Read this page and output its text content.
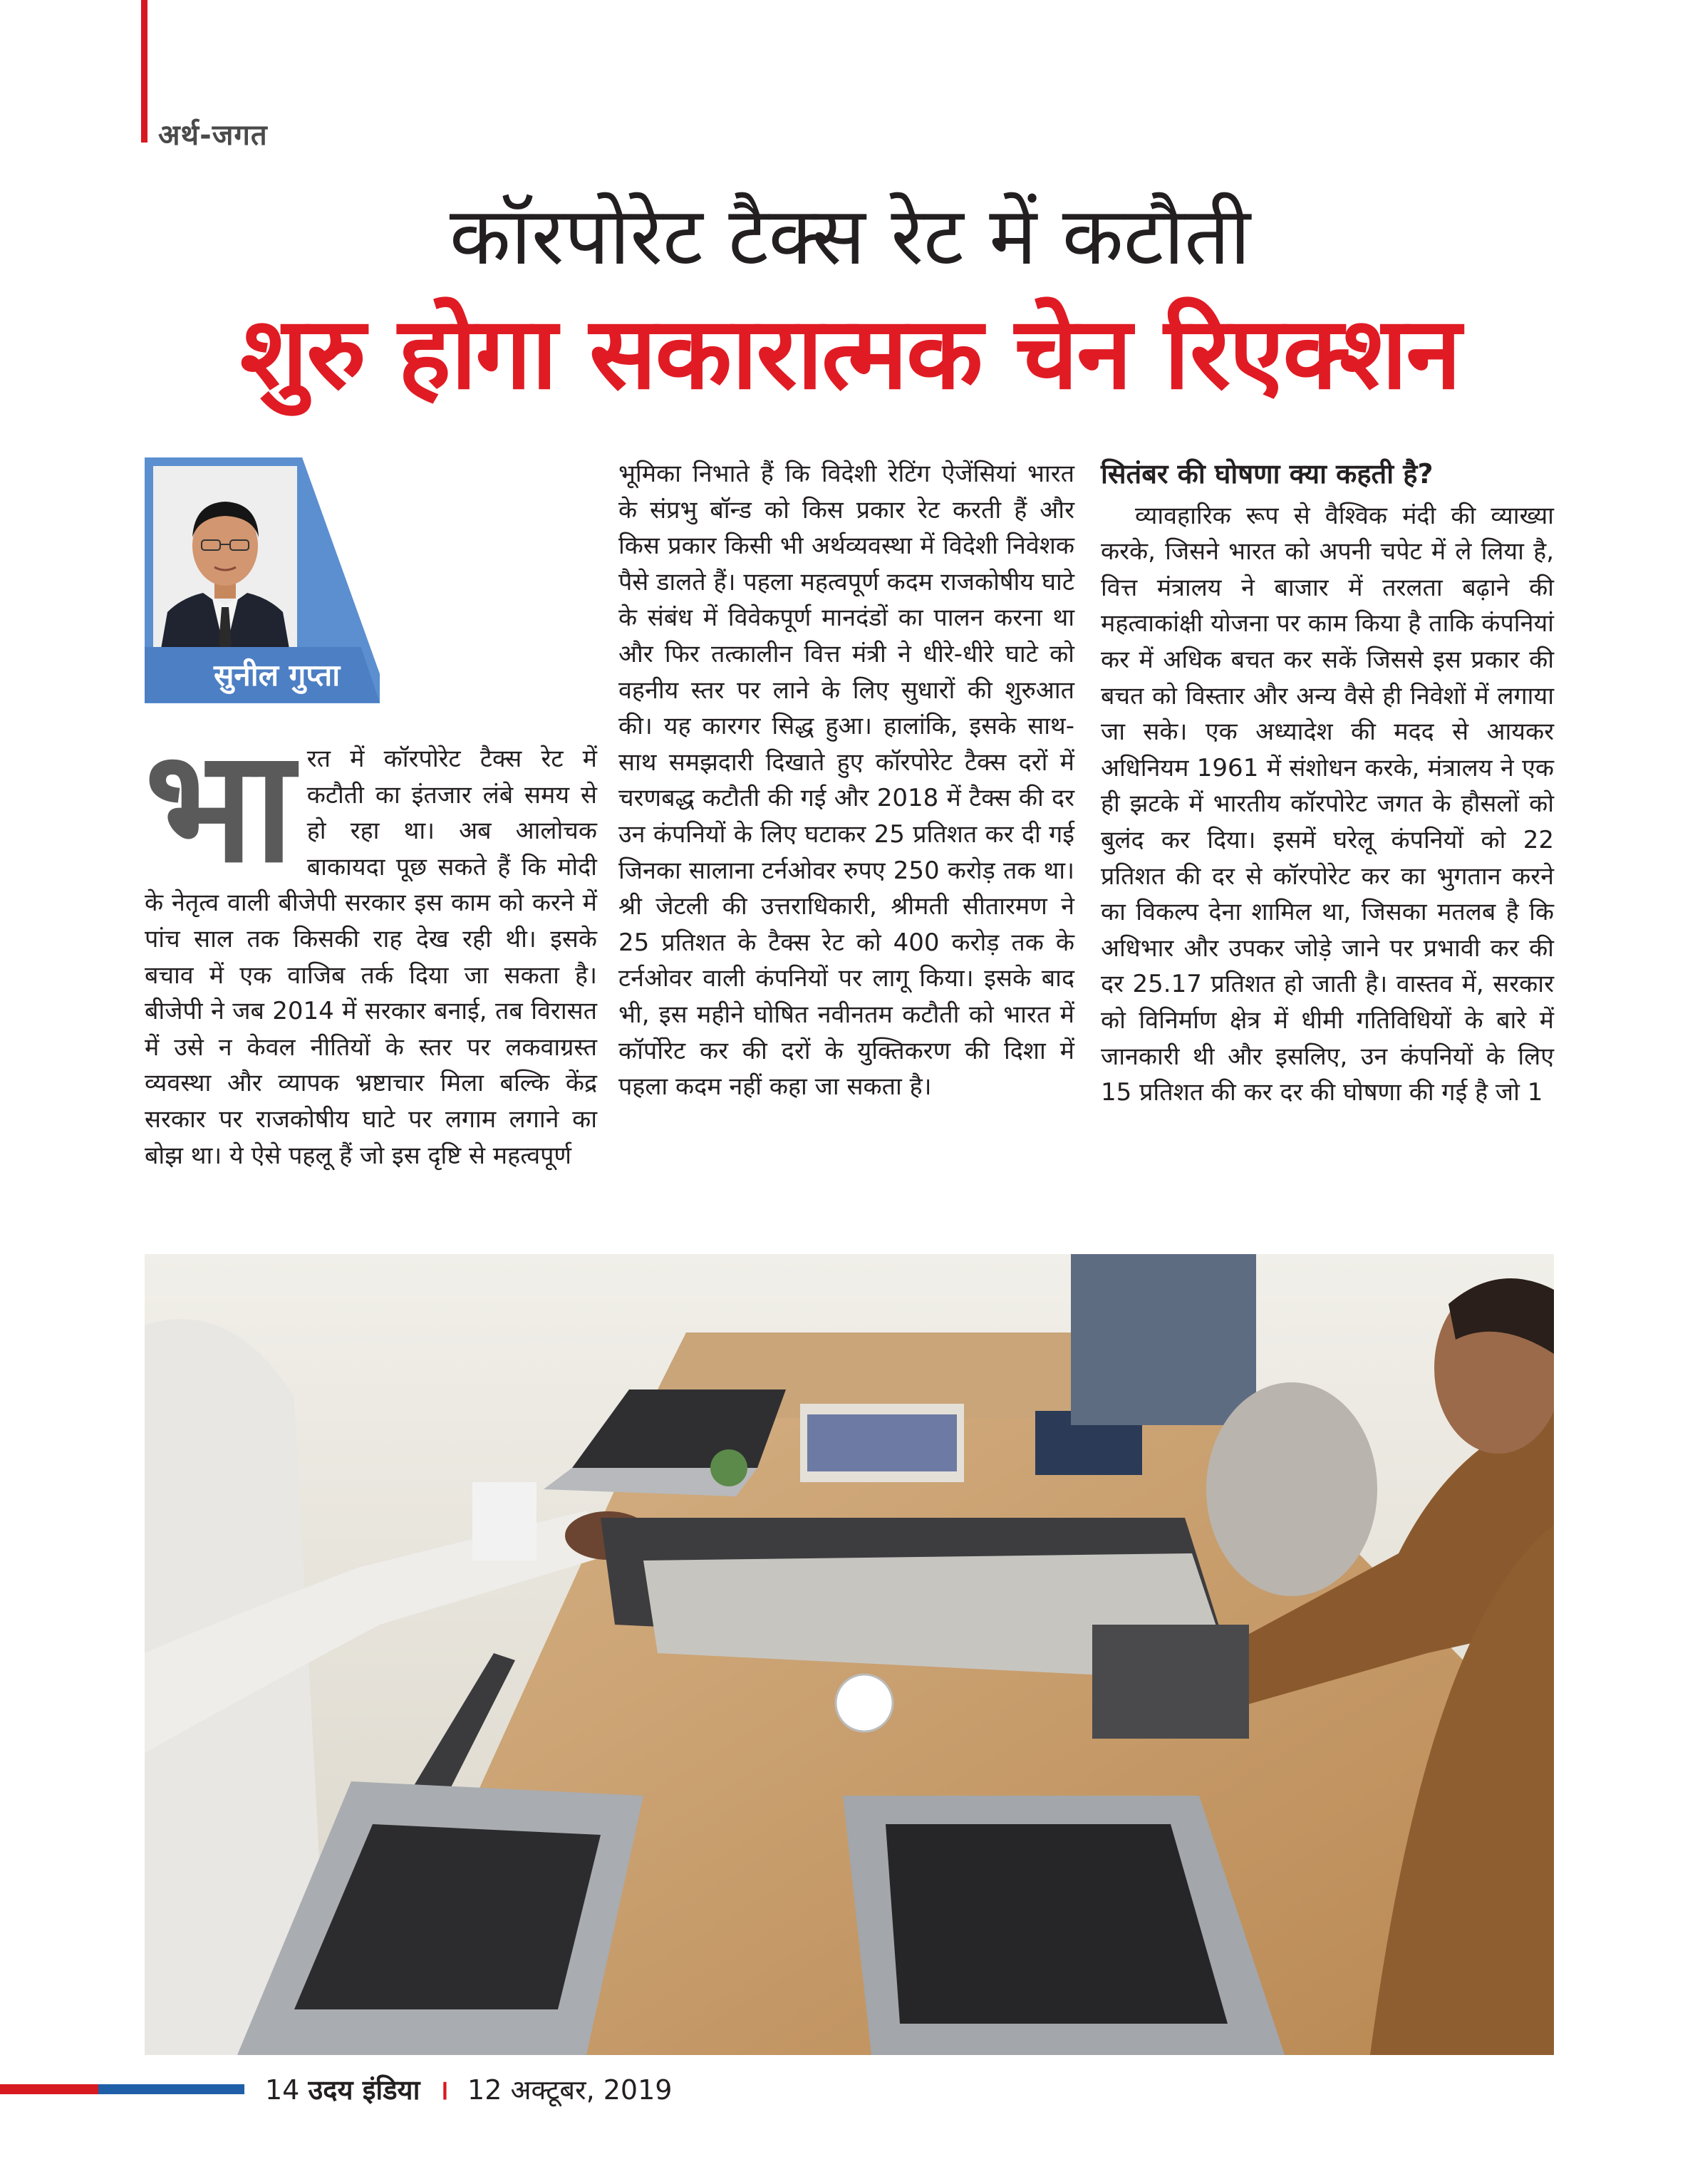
अर्थ-जगत
कॉरपोरेट टैक्स रेट में कटौती
शुरु होगा सकारात्मक चेन रिएक्शन
सुनील गुप्ता
भा रत में कॉरपोरेट टैक्स रेट में कटौती का इंतजार लंबे समय से हो रहा था। अब आलोचक बाकायदा पूछ सकते हैं कि मोदी के नेतृत्व वाली बीजेपी सरकार इस काम को करने में पांच साल तक किसकी राह देख रही थी। इसके बचाव में एक वाजिब तर्क दिया जा सकता है। बीजेपी ने जब 2014 में सरकार बनाई, तब विरासत में उसे न केवल नीतियों के स्तर पर लकवाग्रस्त व्यवस्था और व्यापक भ्रष्टाचार मिला बल्कि केंद्र सरकार पर राजकोषीय घाटे पर लगाम लगाने का बोझ था। ये ऐसे पहलू हैं जो इस दृष्टि से महत्वपूर्ण
भूमिका निभाते हैं कि विदेशी रेटिंग ऐजेंसियां भारत के संप्रभु बॉन्ड को किस प्रकार रेट करती हैं और किस प्रकार किसी भी अर्थव्यवस्था में विदेशी निवेशक पैसे डालते हैं। पहला महत्वपूर्ण कदम राजकोषीय घाटे के संबंध में विवेकपूर्ण मानदंडों का पालन करना था और फिर तत्कालीन वित्त मंत्री ने धीरे-धीरे घाटे को वहनीय स्तर पर लाने के लिए सुधारों की शुरुआत की। यह कारगर सिद्ध हुआ। हालांकि, इसके साथ-साथ समझदारी दिखाते हुए कॉरपोरेट टैक्स दरों में चरणबद्ध कटौती की गई और 2018 में टैक्स की दर उन कंपनियों के लिए घटाकर 25 प्रतिशत कर दी गई जिनका सालाना टर्नओवर रुपए 250 करोड़ तक था। श्री जेटली की उत्तराधिकारी, श्रीमती सीतारमण ने 25 प्रतिशत के टैक्स रेट को 400 करोड़ तक के टर्नओवर वाली कंपनियों पर लागू किया। इसके बाद भी, इस महीने घोषित नवीनतम कटौती को भारत में कॉर्पोरेट कर की दरों के युक्तिकरण की दिशा में पहला कदम नहीं कहा जा सकता है।
सितंबर की घोषणा क्या कहती है?
व्यावहारिक रूप से वैश्विक मंदी की व्याख्या करके, जिसने भारत को अपनी चपेट में ले लिया है, वित्त मंत्रालय ने बाजार में तरलता बढ़ाने की महत्वाकांक्षी योजना पर काम किया है ताकि कंपनियां कर में अधिक बचत कर सकें जिससे इस प्रकार की बचत को विस्तार और अन्य वैसे ही निवेशों में लगाया जा सके। एक अध्यादेश की मदद से आयकर अधिनियम 1961 में संशोधन करके, मंत्रालय ने एक ही झटके में भारतीय कॉरपोरेट जगत के हौसलों को बुलंद कर दिया। इसमें घरेलू कंपनियों को 22 प्रतिशत की दर से कॉरपोरेट कर का भुगतान करने का विकल्प देना शामिल था, जिसका मतलब है कि अधिभार और उपकर जोड़े जाने पर प्रभावी कर की दर 25.17 प्रतिशत हो जाती है। वास्तव में, सरकार को विनिर्माण क्षेत्र में धीमी गतिविधियों के बारे में जानकारी थी और इसलिए, उन कंपनियों के लिए 15 प्रतिशत की कर दर की घोषणा की गई है जो 1
14 उदय इंडिया । 12 अक्टूबर, 2019
